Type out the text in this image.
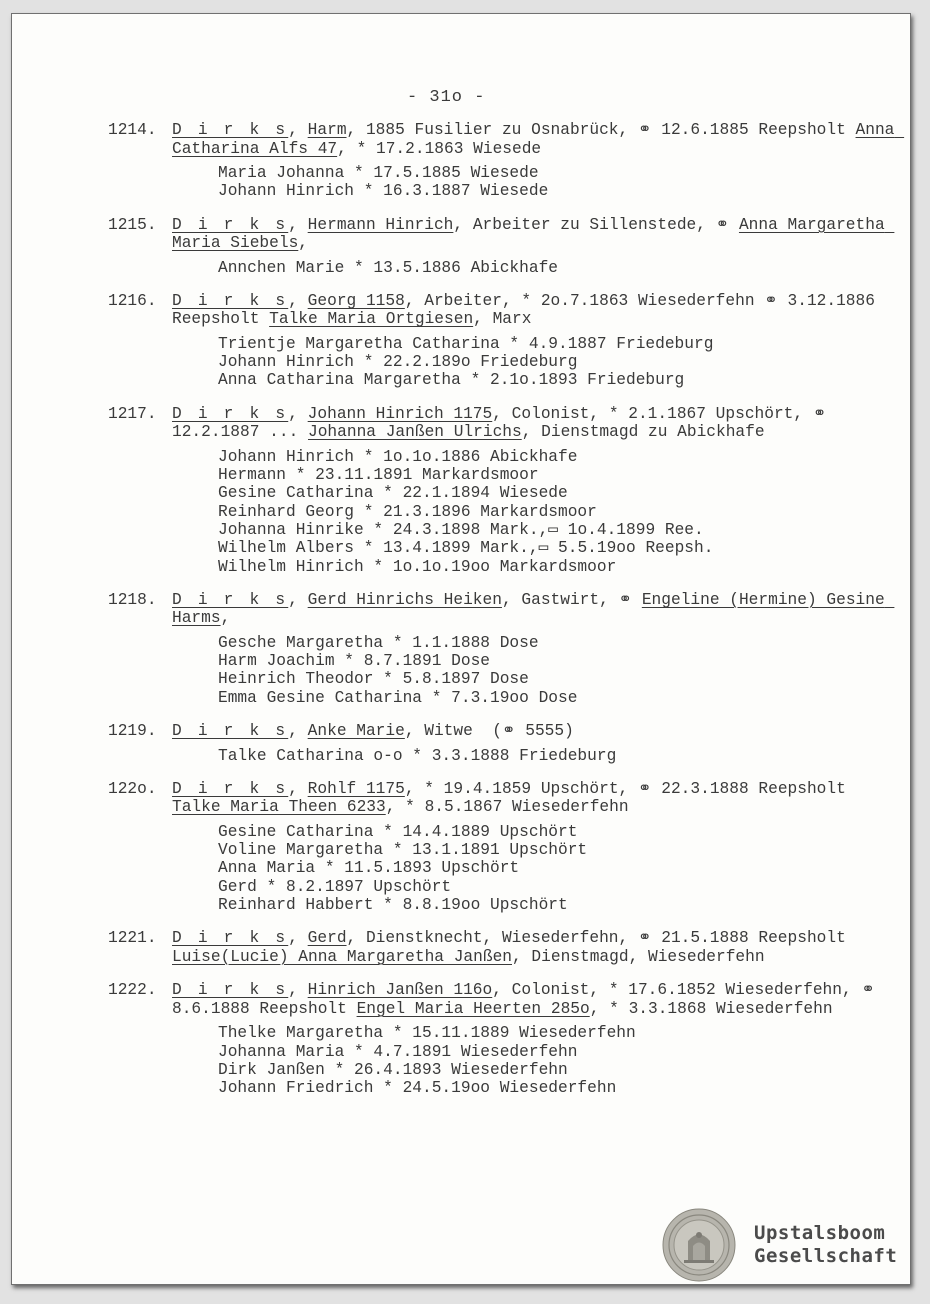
- 31o -
1214. D i r k s, Harm, 1885 Fusilier zu Osnabrück, ⚭ 12.6.1885 Reepsholt Anna Catharina Alfs 47, * 17.2.1863 Wiesede
Maria Johanna * 17.5.1885 Wiesede
Johann Hinrich * 16.3.1887 Wiesede
1215. D i r k s, Hermann Hinrich, Arbeiter zu Sillenstede, ⚭ Anna Margaretha Maria Siebels,
Annchen Marie * 13.5.1886 Abickhafe
1216. D i r k s, Georg 1158, Arbeiter, * 2o.7.1863 Wiesederfehn ⚭ 3.12.1886 Reepsholt Talke Maria Ortgiesen, Marx
Trientje Margaretha Catharina * 4.9.1887 Friedeburg
Johann Hinrich * 22.2.189o Friedeburg
Anna Catharina Margaretha * 2.1o.1893 Friedeburg
1217. D i r k s, Johann Hinrich 1175, Colonist, * 2.1.1867 Upschört, ⚭ 12.2.1887 ... Johanna Janßen Ulrichs, Dienstmagd zu Abickhafe
Johann Hinrich * 1o.1o.1886 Abickhafe
Hermann * 23.11.1891 Markardsmoor
Gesine Catharina * 22.1.1894 Wiesede
Reinhard Georg * 21.3.1896 Markardsmoor
Johanna Hinrike * 24.3.1898 Mark.,▭ 1o.4.1899 Ree.
Wilhelm Albers * 13.4.1899 Mark.,▭ 5.5.19oo Reepsh.
Wilhelm Hinrich * 1o.1o.19oo Markardsmoor
1218. D i r k s, Gerd Hinrichs Heiken, Gastwirt, ⚭ Engeline (Hermine) Gesine Harms,
Gesche Margaretha * 1.1.1888 Dose
Harm Joachim * 8.7.1891 Dose
Heinrich Theodor * 5.8.1897 Dose
Emma Gesine Catharina * 7.3.19oo Dose
1219. D i r k s, Anke Marie, Witwe  (⚭ 5555)
Talke Catharina o-o * 3.3.1888 Friedeburg
122o. D i r k s, Rohlf 1175, * 19.4.1859 Upschört, ⚭ 22.3.1888 Reepsholt Talke Maria Theen 6233, * 8.5.1867 Wiesederfehn
Gesine Catharina * 14.4.1889 Upschört
Voline Margaretha * 13.1.1891 Upschört
Anna Maria * 11.5.1893 Upschört
Gerd * 8.2.1897 Upschört
Reinhard Habbert * 8.8.19oo Upschört
1221. D i r k s, Gerd, Dienstknecht, Wiesederfehn, ⚭ 21.5.1888 Reepsholt Luise(Lucie) Anna Margaretha Janßen, Dienstmagd, Wiesederfehn
1222. D i r k s, Hinrich Janßen 116o, Colonist, * 17.6.1852 Wiesederfehn, ⚭ 8.6.1888 Reepsholt Engel Maria Heerten 285o, * 3.3.1868 Wiesederfehn
Thelke Margaretha * 15.11.1889 Wiesederfehn
Johanna Maria * 4.7.1891 Wiesederfehn
Dirk Janßen * 26.4.1893 Wiesederfehn
Johann Friedrich * 24.5.19oo Wiesederfehn
Upstalsboom
Gesellschaft
